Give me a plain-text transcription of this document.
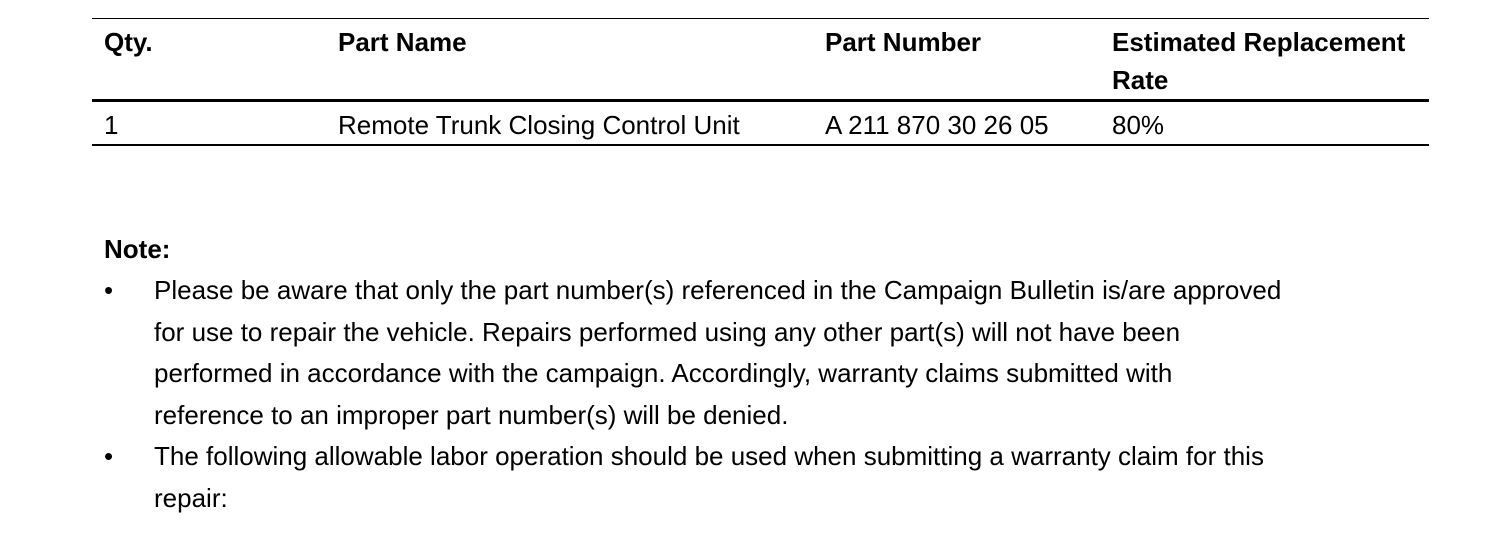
Qty.	Part Name	Part Number	Estimated Replacement Rate
1	Remote Trunk Closing Control Unit	A 211 870 30 26 05	80%

Note:

•	Please be aware that only the part number(s) referenced in the Campaign Bulletin is/are approved for use to repair the vehicle. Repairs performed using any other part(s) will not have been performed in accordance with the campaign. Accordingly, warranty claims submitted with reference to an improper part number(s) will be denied.
•	The following allowable labor operation should be used when submitting a warranty claim for this repair:
